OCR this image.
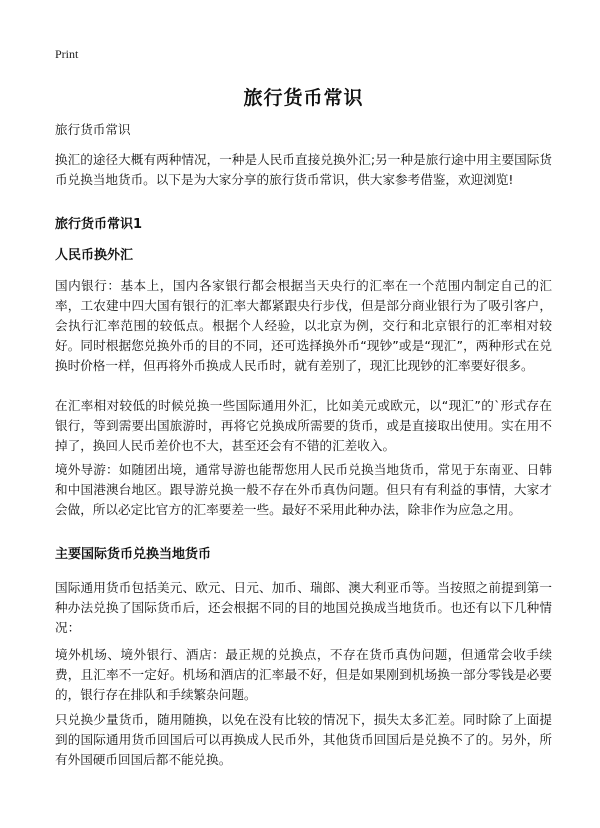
Print
旅行货币常识

旅行货币常识

换汇的途径大概有两种情况，一种是人民币直接兑换外汇;另一种是旅行途中用主要国际货币兑换当地货币。以下是为大家分享的旅行货币常识，供大家参考借鉴，欢迎浏览!

旅行货币常识1

人民币换外汇

国内银行：基本上，国内各家银行都会根据当天央行的汇率在一个范围内制定自己的汇率，工农建中四大国有银行的汇率大都紧跟央行步伐，但是部分商业银行为了吸引客户，会执行汇率范围的较低点。根据个人经验，以北京为例，交行和北京银行的汇率相对较好。同时根据您兑换外币的目的不同，还可选择换外币“现钞”或是“现汇”，两种形式在兑换时价格一样，但再将外币换成人民币时，就有差别了，现汇比现钞的汇率要好很多。

在汇率相对较低的时候兑换一些国际通用外汇，比如美元或欧元，以“现汇”的`形式存在银行，等到需要出国旅游时，再将它兑换成所需要的货币，或是直接取出使用。实在用不掉了，换回人民币差价也不大，甚至还会有不错的汇差收入。

境外导游：如随团出境，通常导游也能帮您用人民币兑换当地货币，常见于东南亚、日韩和中国港澳台地区。跟导游兑换一般不存在外币真伪问题。但只有有利益的事情，大家才会做，所以必定比官方的汇率要差一些。最好不采用此种办法，除非作为应急之用。

主要国际货币兑换当地货币

国际通用货币包括美元、欧元、日元、加币、瑞郎、澳大利亚币等。当按照之前提到第一种办法兑换了国际货币后，还会根据不同的目的地国兑换成当地货币。也还有以下几种情况：

境外机场、境外银行、酒店：最正规的兑换点，不存在货币真伪问题，但通常会收手续费，且汇率不一定好。机场和酒店的汇率最不好，但是如果刚到机场换一部分零钱是必要的，银行存在排队和手续繁杂问题。

只兑换少量货币，随用随换，以免在没有比较的情况下，损失太多汇差。同时除了上面提到的国际通用货币回国后可以再换成人民币外，其他货币回国后是兑换不了的。另外，所有外国硬币回国后都不能兑换。
